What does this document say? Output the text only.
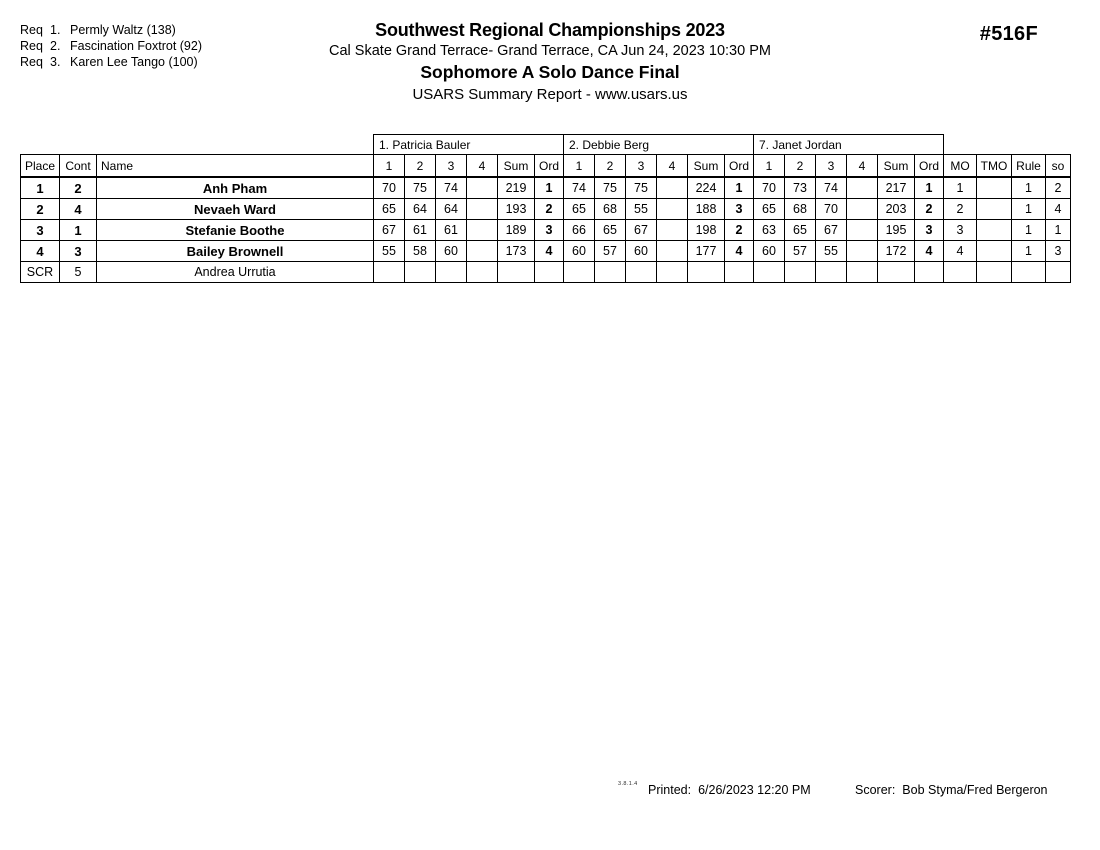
Req 1. Permly Waltz (138)
Req 2. Fascination Foxtrot (92)
Req 3. Karen Lee Tango (100)
Southwest Regional Championships 2023
Cal Skate Grand Terrace- Grand Terrace, CA Jun 24, 2023 10:30 PM
Sophomore A Solo Dance Final
USARS Summary Report - www.usars.us
#516F
			1. Patricia Bauler						2. Debbie Berg						7. Janet Jordan									
Place	Cont	Name	1	2	3	4	Sum	Ord	1	2	3	4	Sum	Ord	1	2	3	4	Sum	Ord	MO	TMO	Rule	so
1	2	Anh Pham	70	75	74		219	1	74	75	75		224	1	70	73	74		217	1	1		1	2
2	4	Nevaeh Ward	65	64	64		193	2	65	68	55		188	3	65	68	70		203	2	2		1	4
3	1	Stefanie Boothe	67	61	61		189	3	66	65	67		198	2	63	65	67		195	3	3		1	1
4	3	Bailey Brownell	55	58	60		173	4	60	57	60		177	4	60	57	55		172	4	4		1	3
SCR	5	Andrea Urrutia																						
3.8.1.4 Printed: 6/26/2023 12:20 PM	Scorer: Bob Styma/Fred Bergeron
